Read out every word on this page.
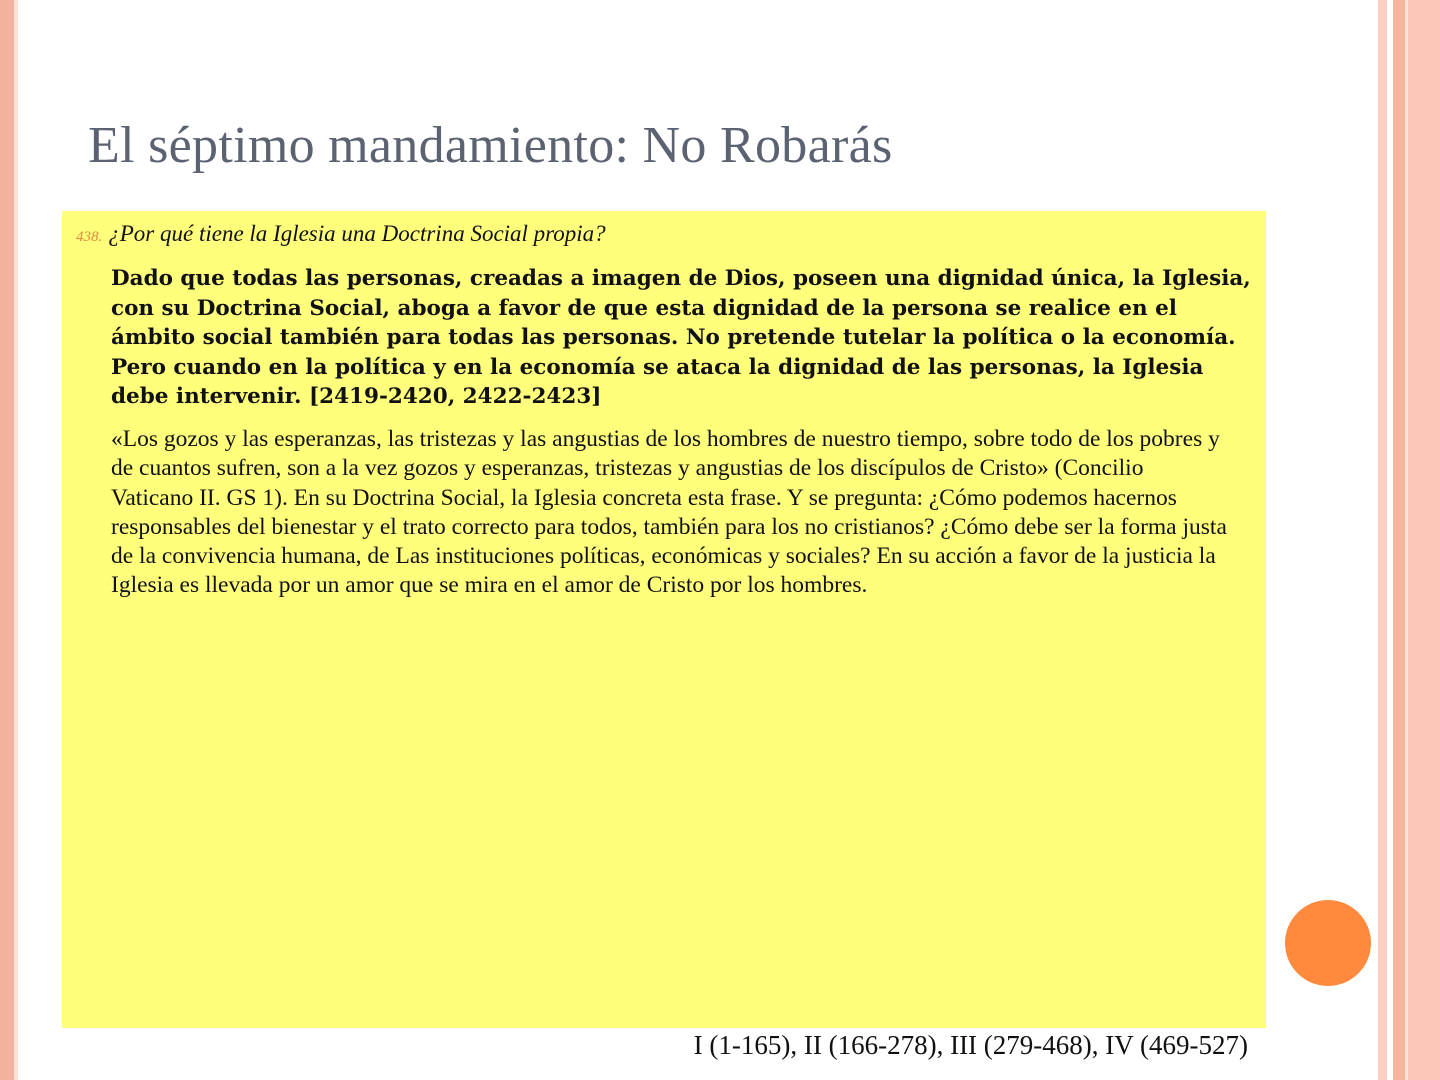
El séptimo mandamiento: No Robarás
438. ¿Por qué tiene la Iglesia una Doctrina Social propia?

Dado que todas las personas, creadas a imagen de Dios, poseen una dignidad única, la Iglesia, con su Doctrina Social, aboga a favor de que esta dignidad de la persona se realice en el ámbito social también para todas las personas. No pretende tutelar la política o la economía. Pero cuando en la política y en la economía se ataca la dignidad de las personas, la Iglesia debe intervenir. [2419-2420, 2422-2423]

«Los gozos y las esperanzas, las tristezas y las angustias de los hombres de nuestro tiempo, sobre todo de los pobres y de cuantos sufren, son a la vez gozos y esperanzas, tristezas y angustias de los discípulos de Cristo» (Concilio Vaticano II. GS 1). En su Doctrina Social, la Iglesia concreta esta frase. Y se pregunta: ¿Cómo podemos hacernos responsables del bienestar y el trato correcto para todos, también para los no cristianos? ¿Cómo debe ser la forma justa de la convivencia humana, de Las instituciones políticas, económicas y sociales? En su acción a favor de la justicia la Iglesia es llevada por un amor que se mira en el amor de Cristo por los hombres.

I (1-165), II (166-278), III (279-468), IV (469-527)
